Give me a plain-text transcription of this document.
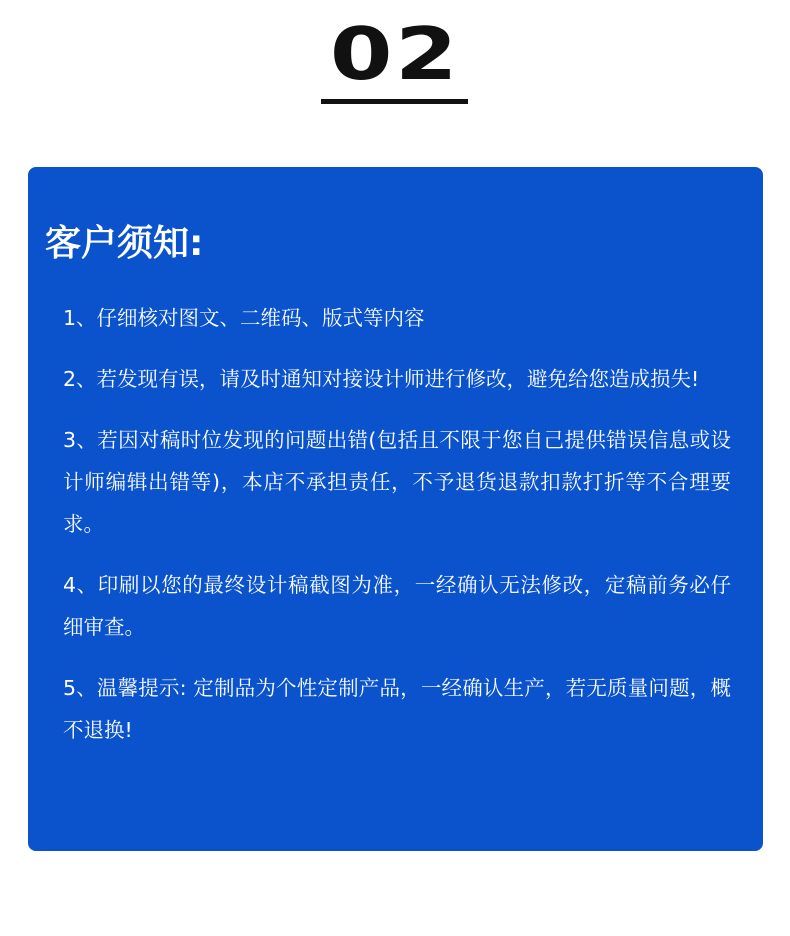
02
客户须知:
1、仔细核对图文、二维码、版式等内容
2、若发现有误，请及时通知对接设计师进行修改，避免给您造成损失!
3、若因对稿时位发现的问题出错(包括且不限于您自己提供错误信息或设计师编辑出错等)，本店不承担责任，不予退货退款扣款打折等不合理要求。
4、印刷以您的最终设计稿截图为准，一经确认无法修改，定稿前务必仔细审查。
5、温馨提示: 定制品为个性定制产品，一经确认生产，若无质量问题，概不退换!
